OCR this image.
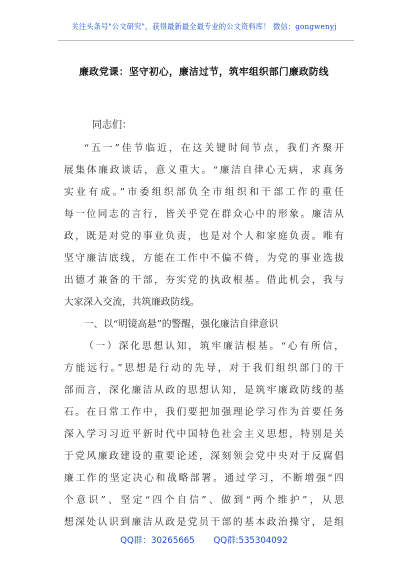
关注头条号"公文研究"，获得最新最全最专业的公文资料库！ 微信：gongwenyj
廉政党课：坚守初心，廉洁过节，筑牢组织部门廉政防线
同志们：
“五一”佳节临近，在这关键时间节点，我们齐聚开
展集体廉政谈话，意义重大。“廉洁自律心无病，求真务
实业有成。”市委组织部负全市组织和干部工作的重任
每一位同志的言行，皆关乎党在群众心中的形象。廉洁从
政，既是对党的事业负责，也是对个人和家庭负责。唯有
坚守廉洁底线，方能在工作中不偏不倚，为党的事业选拔
出德才兼备的干部，夯实党的执政根基。借此机会，我与
大家深入交流，共筑廉政防线。
一、以“明镜高悬”的警醒，强化廉洁自律意识
（一）深化思想认知，筑牢廉洁根基。“心有所信，
方能远行。”思想是行动的先导，对于我们组织部门的干
部而言，深化廉洁从政的思想认知，是筑牢廉政防线的基
石。在日常工作中，我们要把加强理论学习作为首要任务
深入学习习近平新时代中国特色社会主义思想，特别是关
于党风廉政建设的重要论述，深刻领会党中央对于反腐倡
廉工作的坚定决心和战略部署。通过学习，不断增强“四
个意识”、坚定“四个自信”、做到“两个维护”，从思
想深处认识到廉洁从政是党员干部的基本政治操守，是组
QQ群：30265665 QQ群:535304092
